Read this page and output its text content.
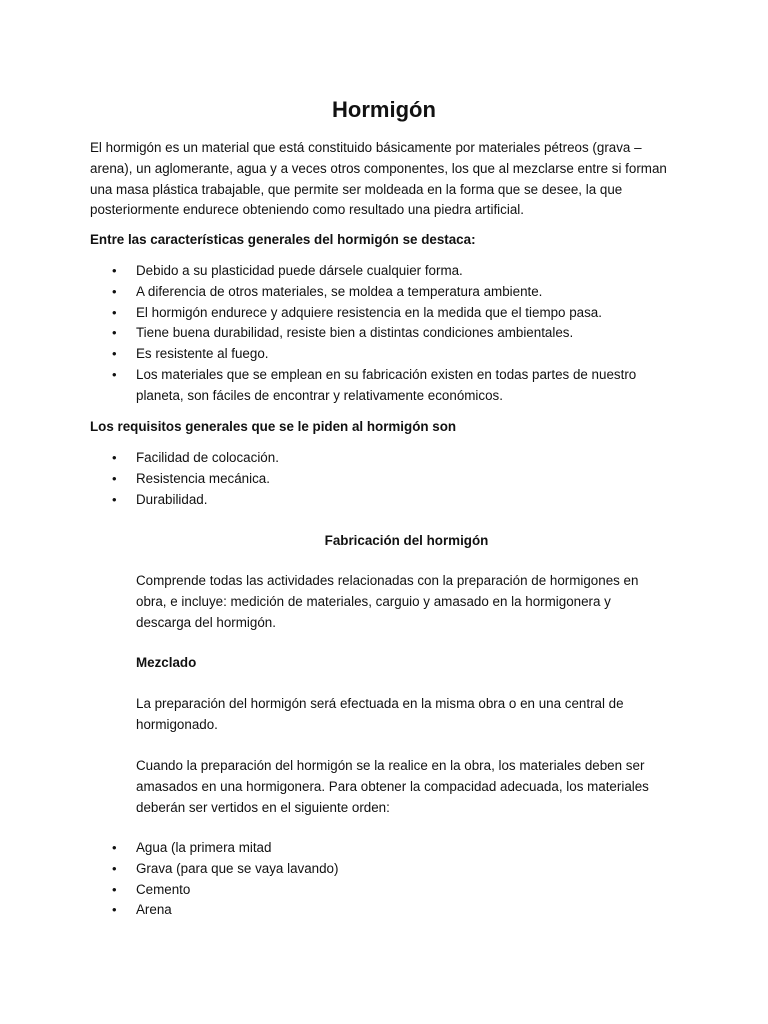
Hormigón

El hormigón es un material que está constituido básicamente por materiales pétreos (grava – arena), un aglomerante, agua y a veces otros componentes, los que al mezclarse entre si forman una masa plástica trabajable, que permite ser moldeada en la forma que se desee, la que posteriormente endurece obteniendo como resultado una piedra artificial.

Entre las características generales del hormigón se destaca:

• Debido a su plasticidad puede dársele cualquier forma.
• A diferencia de otros materiales, se moldea a temperatura ambiente.
• El hormigón endurece y adquiere resistencia en la medida que el tiempo pasa.
• Tiene buena durabilidad, resiste bien a distintas condiciones ambientales.
• Es resistente al fuego.
• Los materiales que se emplean en su fabricación existen en todas partes de nuestro planeta, son fáciles de encontrar y relativamente económicos.

Los requisitos generales que se le piden al hormigón son

• Facilidad de colocación.
• Resistencia mecánica.
• Durabilidad.

Fabricación del hormigón

Comprende todas las actividades relacionadas con la preparación de hormigones en obra, e incluye: medición de materiales, carguio y amasado en la hormigonera y descarga del hormigón.

Mezclado

La preparación del hormigón será efectuada en la misma obra o en una central de hormigonado.

Cuando la preparación del hormigón se la realice en la obra, los materiales deben ser amasados en una hormigonera. Para obtener la compacidad adecuada, los materiales deberán ser vertidos en el siguiente orden:

• Agua (la primera mitad
• Grava (para que se vaya lavando)
• Cemento
• Arena
